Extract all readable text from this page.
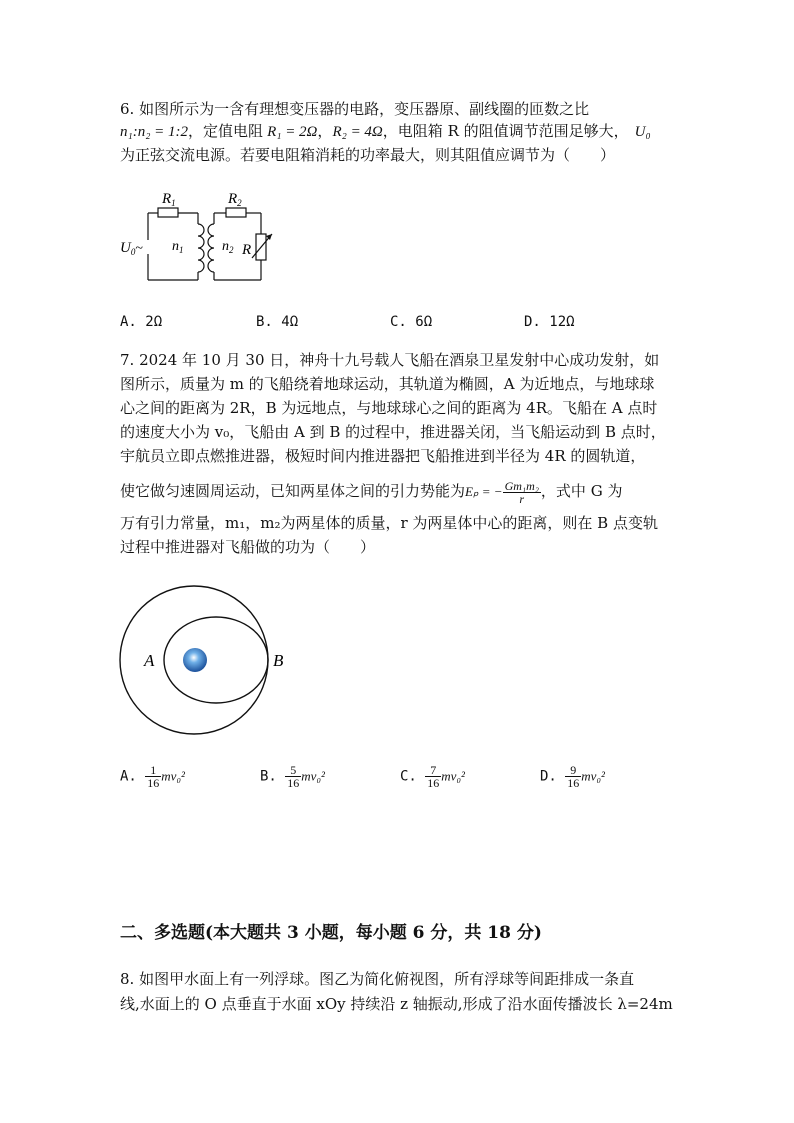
6. 如图所示为一含有理想变压器的电路，变压器原、副线圈的匝数之比
n₁:n₂ = 1:2，定值电阻 R₁ = 2Ω，R₂ = 4Ω，电阻箱 R 的阻值调节范围足够大， U₀
为正弦交流电源。若要电阻箱消耗的功率最大，则其阻值应调节为（　　）
$R_1$	$R_2$
$U_0\sim$ $n_1$	$n_2$ R
A. 2Ω	B. 4Ω	C. 6Ω	D. 12Ω
7. 2024 年 10 月 30 日，神舟十九号载人飞船在酒泉卫星发射中心成功发射，如
图所示，质量为 m 的飞船绕着地球运动，其轨道为椭圆，A 为近地点，与地球球
心之间的距离为 2R，B 为远地点，与地球球心之间的距离为 4R。飞船在 A 点时
的速度大小为 v₀，飞船由 A 到 B 的过程中，推进器关闭，当飞船运动到 B 点时，
宇航员立即点燃推进器，极短时间内推进器把飞船推进到半径为 4R 的圆轨道，
使它做匀速圆周运动，已知两星体之间的引力势能为Eₚ = − $\frac{\text{Gm₁m₂}}{r}$ ，式中 G 为
万有引力常量，m₁，m₂为两星体的质量，r 为两星体中心的距离，则在 B 点变轨
过程中推进器对飞船做的功为（　　）
A	B
A. $\frac{1}{16} mv_0^2$	B. $\frac{5}{16} mv_0^2$	C. $\frac{7}{16} mv_0^2$	D. $\frac{9}{16} mv_0^2$
二、多选题(本大题共 3 小题，每小题 6 分，共 18 分)
8. 如图甲水面上有一列浮球。图乙为简化俯视图，所有浮球等间距排成一条直
线,水面上的 O 点垂直于水面 xOy 持续沿 z 轴振动,形成了沿水面传播波长 λ=24m
